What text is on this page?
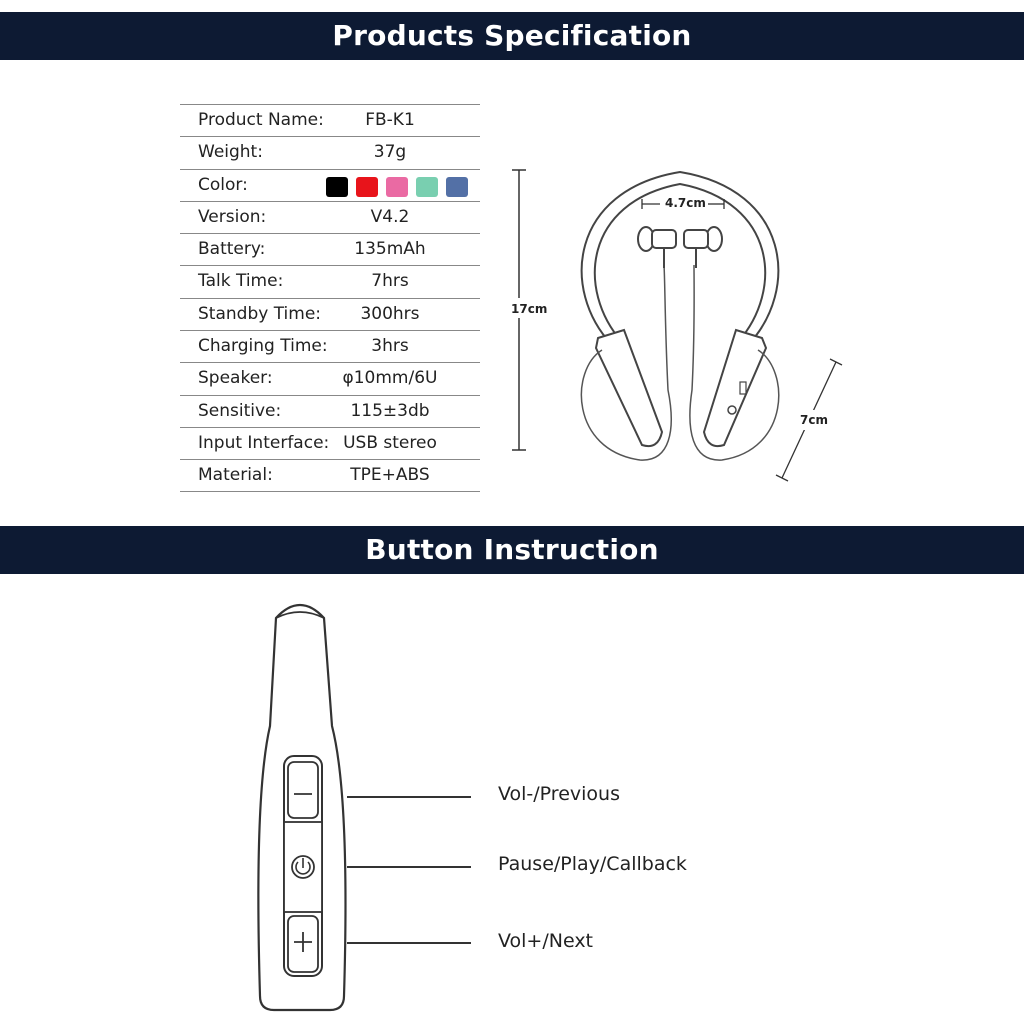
Products Specification
Product Name:	FB-K1
Weight:	37g
Color:
Version:	V4.2
Battery:	135mAh
Talk Time:	7hrs
Standby Time:	300hrs
Charging Time:	3hrs
Speaker:	φ10mm/6U
Sensitive:	115±3db
Input Interface: USB stereo
Material:	TPE+ABS
17cm
4.7cm
7cm
Button Instruction
Vol-/Previous
Pause/Play/Callback
Vol+/Next
